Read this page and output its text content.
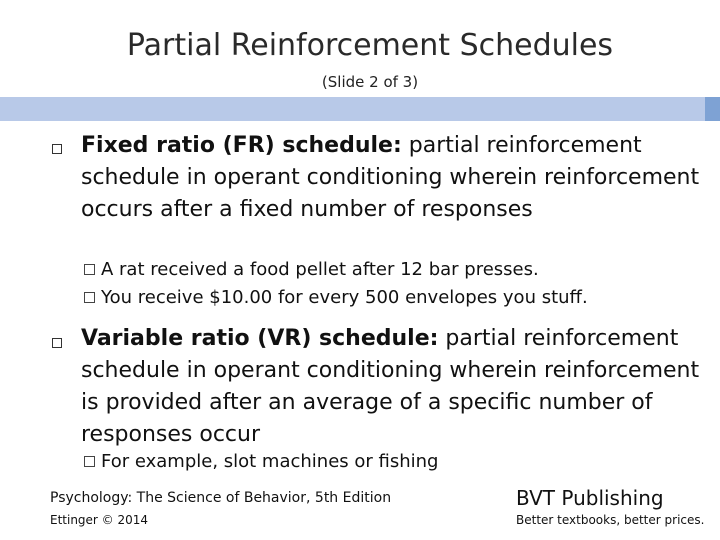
Partial Reinforcement Schedules
(Slide 2 of 3)
Fixed ratio (FR) schedule: partial reinforcement schedule in operant conditioning wherein reinforcement occurs after a fixed number of responses
A rat received a food pellet after 12 bar presses.
You receive $10.00 for every 500 envelopes you stuff.
Variable ratio (VR) schedule: partial reinforcement schedule in operant conditioning wherein reinforcement is provided after an average of a specific number of responses occur
For example, slot machines or fishing
Psychology: The Science of Behavior, 5th Edition
Ettinger © 2014
BVT Publishing
Better textbooks, better prices.
